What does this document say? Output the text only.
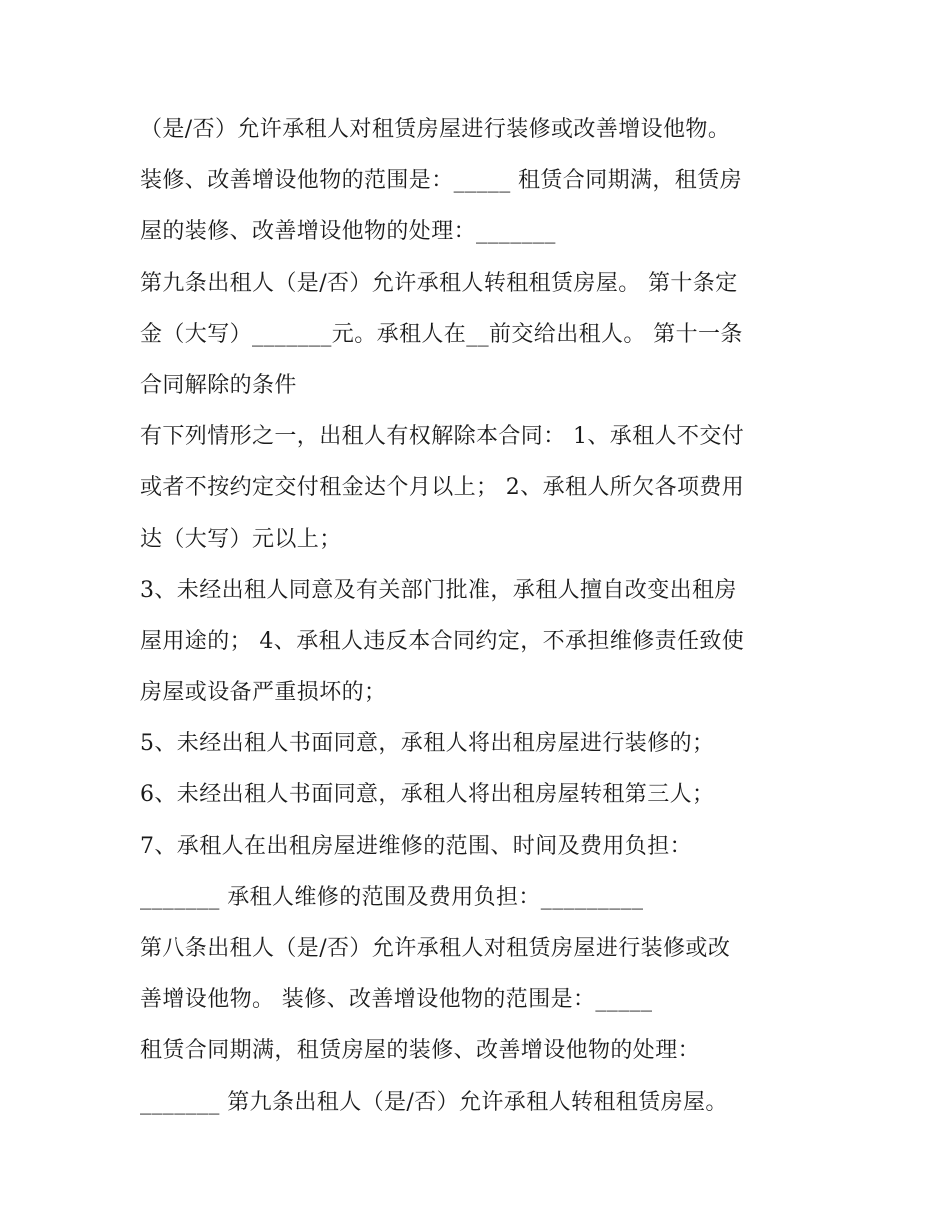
（是/否）允许承租人对租赁房屋进行装修或改善增设他物。
装修、改善增设他物的范围是：_____ 租赁合同期满，租赁房
屋的装修、改善增设他物的处理：_______
第九条出租人（是/否）允许承租人转租租赁房屋。 第十条定
金（大写）_______元。承租人在__前交给出租人。 第十一条
合同解除的条件
有下列情形之一，出租人有权解除本合同： 1、承租人不交付
或者不按约定交付租金达个月以上； 2、承租人所欠各项费用
达（大写）元以上；
3、未经出租人同意及有关部门批准，承租人擅自改变出租房
屋用途的； 4、承租人违反本合同约定，不承担维修责任致使
房屋或设备严重损坏的；
5、未经出租人书面同意，承租人将出租房屋进行装修的；
6、未经出租人书面同意，承租人将出租房屋转租第三人；
7、承租人在出租房屋进维修的范围、时间及费用负担：
_______ 承租人维修的范围及费用负担：_________
第八条出租人（是/否）允许承租人对租赁房屋进行装修或改
善增设他物。 装修、改善增设他物的范围是：_____
租赁合同期满，租赁房屋的装修、改善增设他物的处理：
_______ 第九条出租人（是/否）允许承租人转租租赁房屋。
